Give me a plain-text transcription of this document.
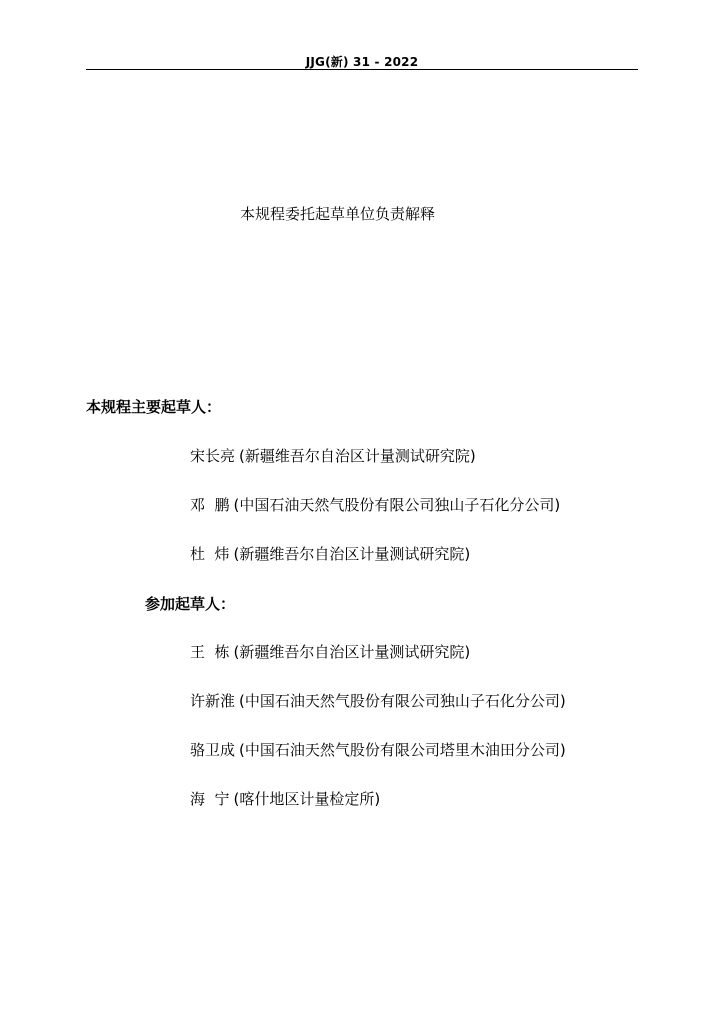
JJG(新) 31 - 2022
本规程委托起草单位负责解释
本规程主要起草人：
宋长亮 (新疆维吾尔自治区计量测试研究院)
邓  鹏 (中国石油天然气股份有限公司独山子石化分公司)
杜  炜 (新疆维吾尔自治区计量测试研究院)
参加起草人：
王  栋 (新疆维吾尔自治区计量测试研究院)
许新淮 (中国石油天然气股份有限公司独山子石化分公司)
骆卫成 (中国石油天然气股份有限公司塔里木油田分公司)
海  宁 (喀什地区计量检定所)
